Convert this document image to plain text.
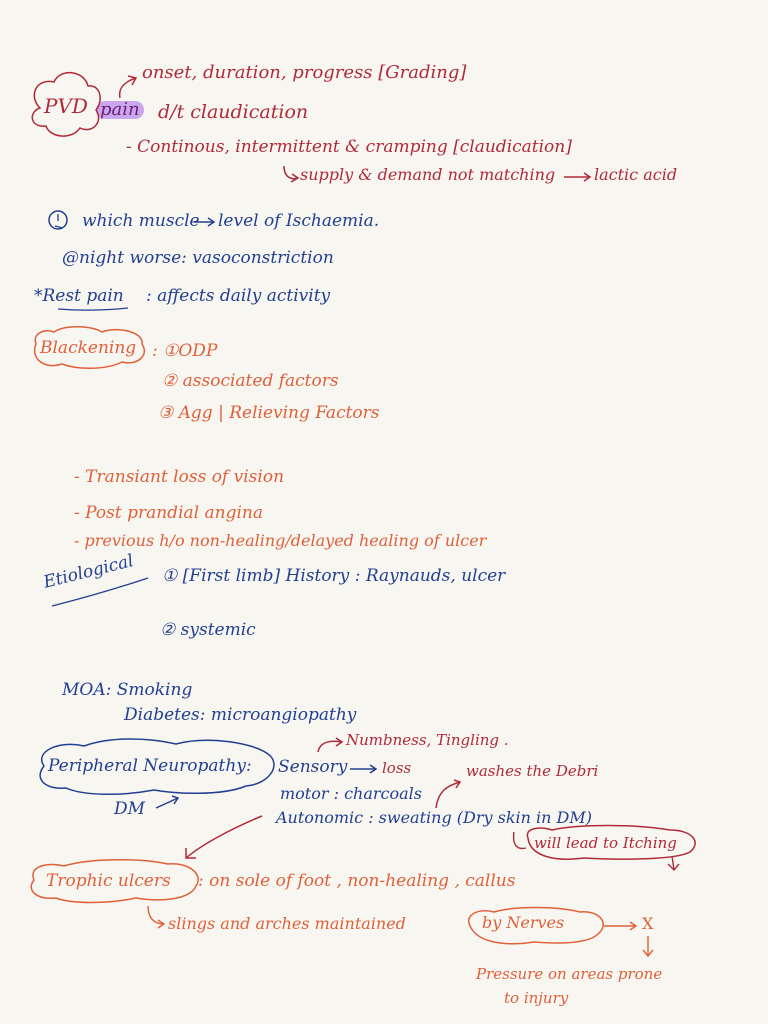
onset, duration, progress [Grading]
PVD pain d/t claudication
- Continous, intermittent & cramping [claudication]
supply & demand not matching lactic acid
which muscle level of Ischaemia.
@night worse: vasoconstriction
*Rest pain : affects daily activity
Blackening : ①ODP
② associated factors
③ Agg | Relieving Factors
- Transiant loss of vision
- Post prandial angina
- previous h/o non-healing/delayed healing of ulcer
Etiological ① [First limb] History : Raynauds, ulcer
② systemic
MOA: Smoking
Diabetes: microangiopathy
Numbness, Tingling .
Peripheral Neuropathy: Sensory loss	washes the Debri
DM
motor : charcoals
Autonomic : sweating (Dry skin in DM)
will lead to Itching
Trophic ulcers : on sole of foot , non-healing , callus
slings and arches maintained	by Nerves	X
Pressure on areas prone
to injury
